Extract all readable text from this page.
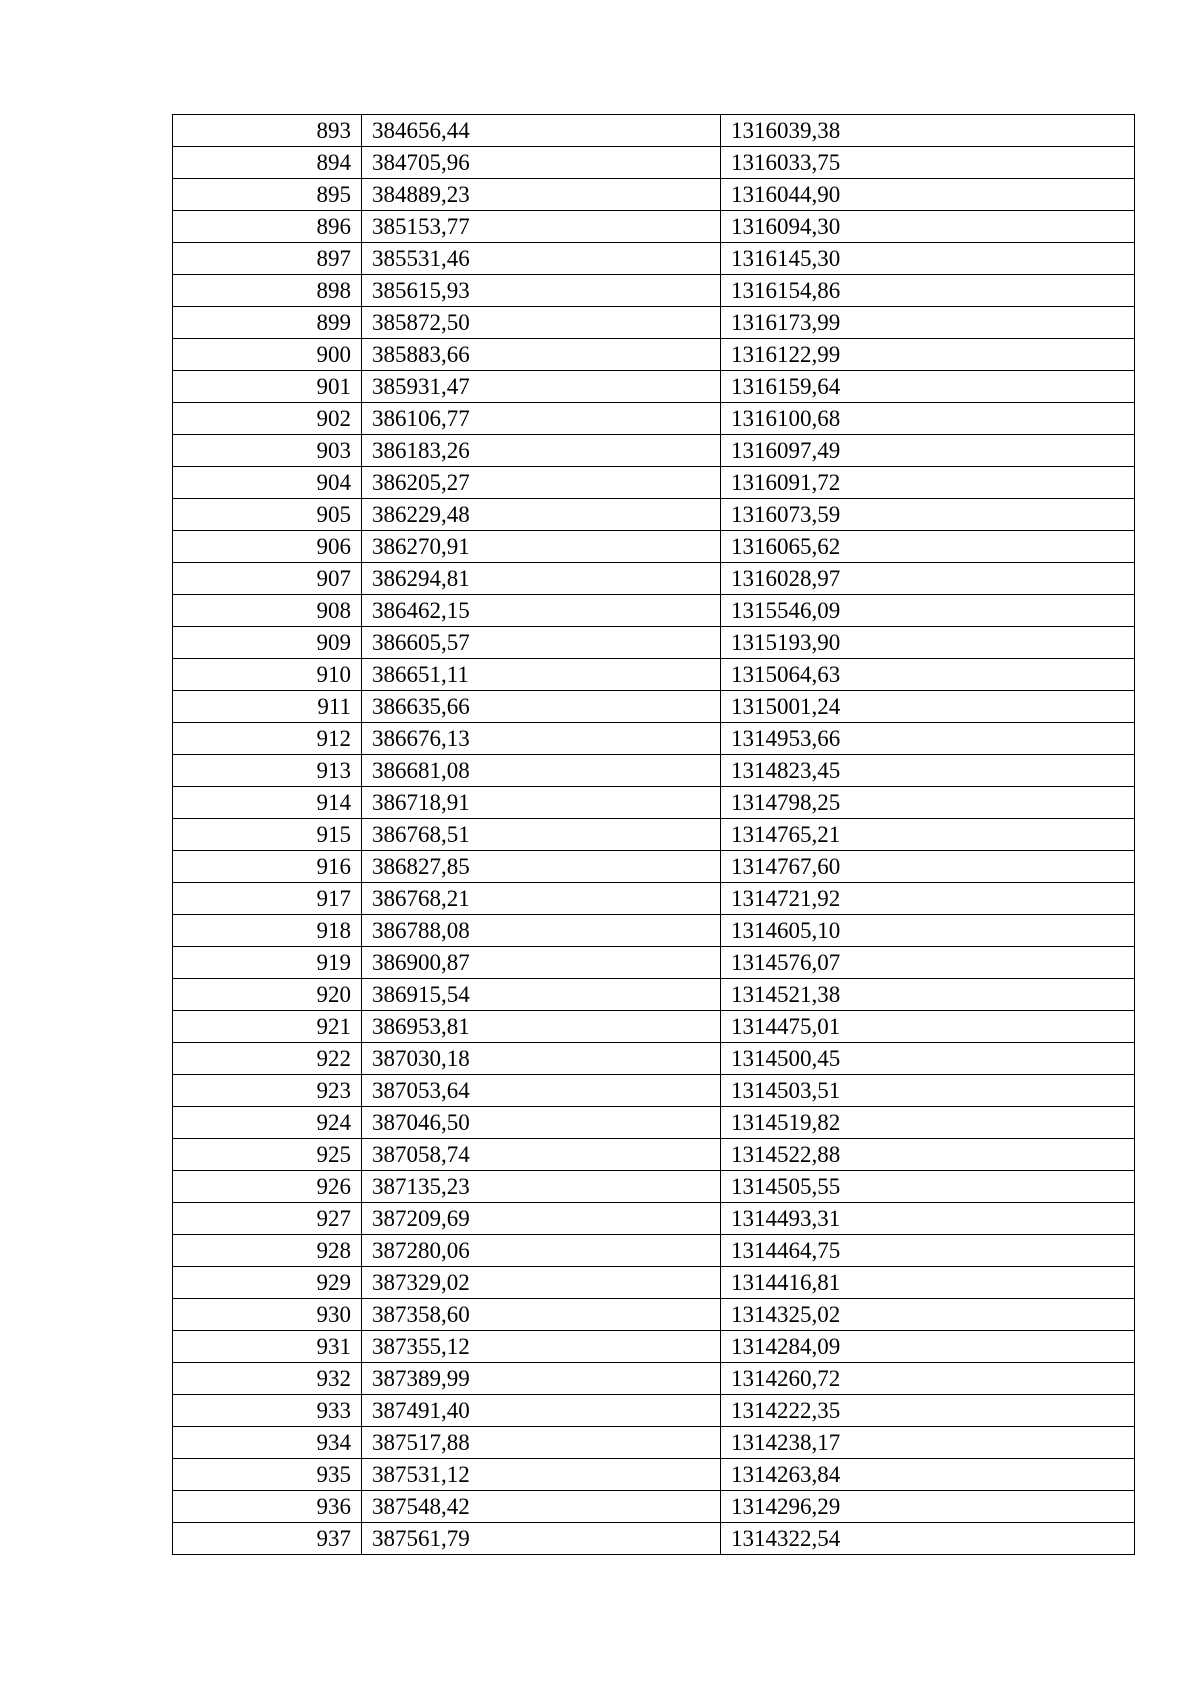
893	384656,44	1316039,38
894	384705,96	1316033,75
895	384889,23	1316044,90
896	385153,77	1316094,30
897	385531,46	1316145,30
898	385615,93	1316154,86
899	385872,50	1316173,99
900	385883,66	1316122,99
901	385931,47	1316159,64
902	386106,77	1316100,68
903	386183,26	1316097,49
904	386205,27	1316091,72
905	386229,48	1316073,59
906	386270,91	1316065,62
907	386294,81	1316028,97
908	386462,15	1315546,09
909	386605,57	1315193,90
910	386651,11	1315064,63
911	386635,66	1315001,24
912	386676,13	1314953,66
913	386681,08	1314823,45
914	386718,91	1314798,25
915	386768,51	1314765,21
916	386827,85	1314767,60
917	386768,21	1314721,92
918	386788,08	1314605,10
919	386900,87	1314576,07
920	386915,54	1314521,38
921	386953,81	1314475,01
922	387030,18	1314500,45
923	387053,64	1314503,51
924	387046,50	1314519,82
925	387058,74	1314522,88
926	387135,23	1314505,55
927	387209,69	1314493,31
928	387280,06	1314464,75
929	387329,02	1314416,81
930	387358,60	1314325,02
931	387355,12	1314284,09
932	387389,99	1314260,72
933	387491,40	1314222,35
934	387517,88	1314238,17
935	387531,12	1314263,84
936	387548,42	1314296,29
937	387561,79	1314322,54
